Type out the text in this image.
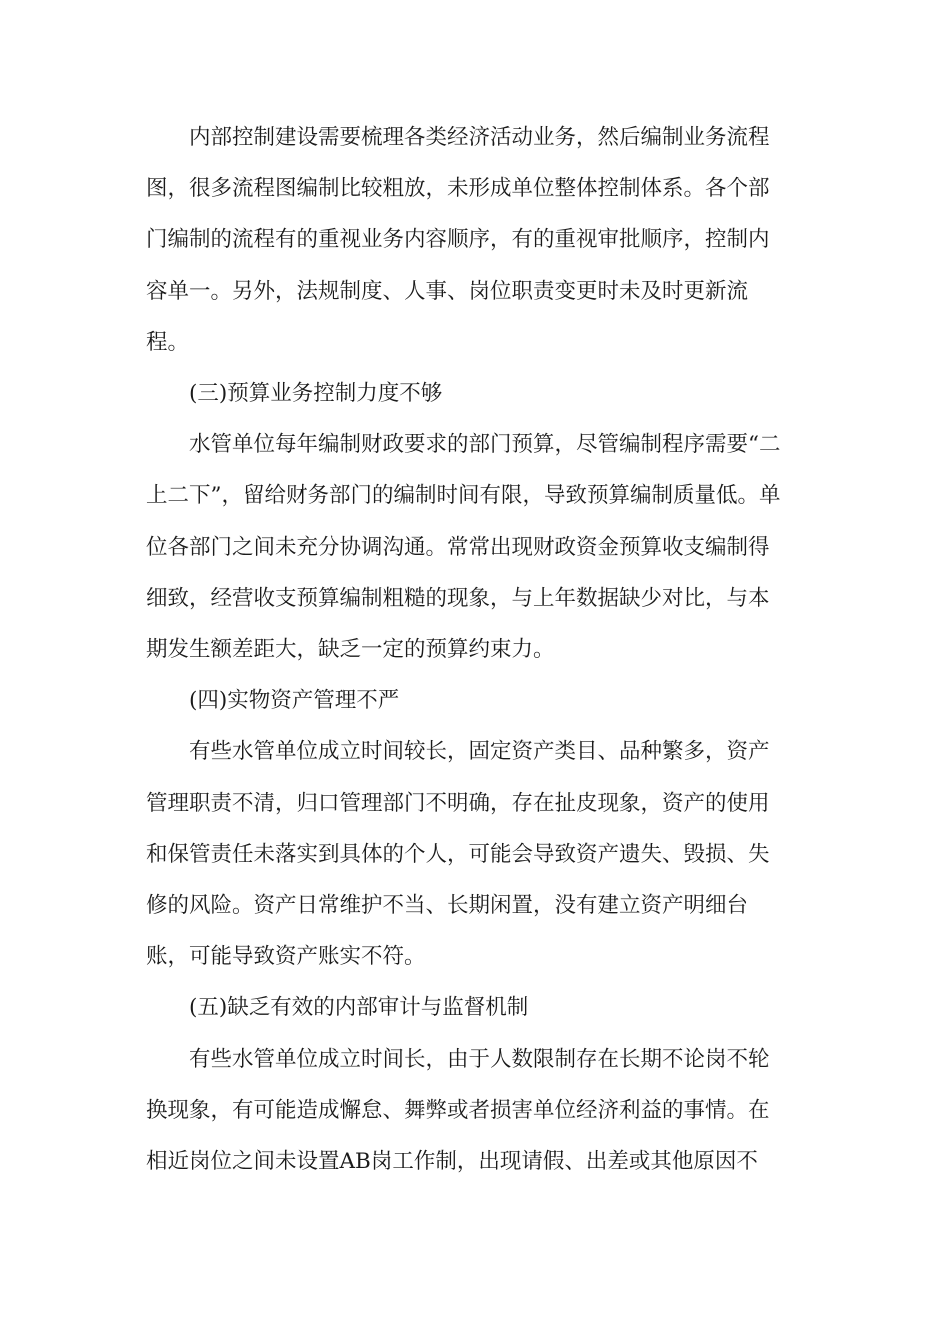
内部控制建设需要梳理各类经济活动业务，然后编制业务流程
图，很多流程图编制比较粗放，未形成单位整体控制体系。各个部
门编制的流程有的重视业务内容顺序，有的重视审批顺序，控制内
容单一。另外，法规制度、人事、岗位职责变更时未及时更新流
程。
(三)预算业务控制力度不够
水管单位每年编制财政要求的部门预算，尽管编制程序需要“二
上二下”，留给财务部门的编制时间有限，导致预算编制质量低。单
位各部门之间未充分协调沟通。常常出现财政资金预算收支编制得
细致，经营收支预算编制粗糙的现象，与上年数据缺少对比，与本
期发生额差距大，缺乏一定的预算约束力。
(四)实物资产管理不严
有些水管单位成立时间较长，固定资产类目、品种繁多，资产
管理职责不清，归口管理部门不明确，存在扯皮现象，资产的使用
和保管责任未落实到具体的个人，可能会导致资产遗失、毁损、失
修的风险。资产日常维护不当、长期闲置，没有建立资产明细台
账，可能导致资产账实不符。
(五)缺乏有效的内部审计与监督机制
有些水管单位成立时间长，由于人数限制存在长期不论岗不轮
换现象，有可能造成懈怠、舞弊或者损害单位经济利益的事情。在
相近岗位之间未设置AB岗工作制，出现请假、出差或其他原因不
